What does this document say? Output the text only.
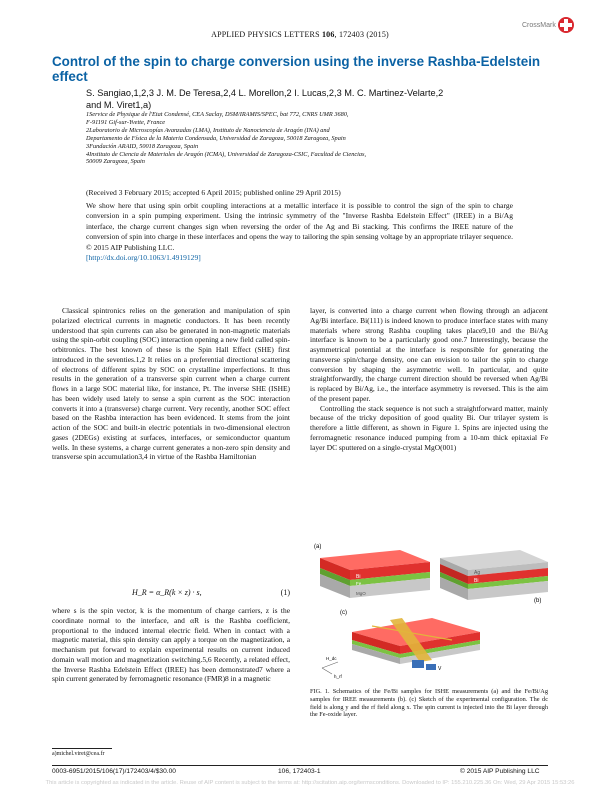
APPLIED PHYSICS LETTERS 106, 172403 (2015)
CrossMark
Control of the spin to charge conversion using the inverse Rashba-Edelstein effect
S. Sangiao,1,2,3 J. M. De Teresa,2,4 L. Morellon,2 I. Lucas,2,3 M. C. Martinez-Velarte,2
and M. Viret1,a)

1Service de Physique de l'Etat Condensé, CEA Saclay, DSM/IRAMIS/SPEC, bat 772, CNRS UMR 3680,

F-91191 Gif-sur-Yvette, France

2Laboratorio de Microscopías Avanzadas (LMA), Instituto de Nanociencia de Aragón (INA) and

Departamento de Física de la Materia Condensada, Universidad de Zaragoza, 50018 Zaragoza, Spain

3Fundación ARAID, 50018 Zaragoza, Spain

4Instituto de Ciencia de Materiales de Aragón (ICMA), Universidad de Zaragoza-CSIC, Facultad de Ciencias,

50009 Zaragoza, Spain

(Received 3 February 2015; accepted 6 April 2015; published online 29 April 2015)
We show here that using spin orbit coupling interactions at a metallic interface it is possible to control the sign of the spin to charge conversion in a spin pumping experiment. Using the intrinsic symmetry of the "Inverse Rashba Edelstein Effect" (IREE) in a Bi/Ag interface, the charge current changes sign when reversing the order of the Ag and Bi stacking. This confirms the IREE nature of the conversion of spin into charge in these interfaces and opens the way to tailoring the spin sensing voltage by an appropriate trilayer sequence. © 2015 AIP Publishing LLC.
[http://dx.doi.org/10.1063/1.4919129]

Classical spintronics relies on the generation and manipulation of spin polarized electrical currents in magnetic conductors. It has been recently understood that spin currents can also be generated in non-magnetic materials using the spin-orbit coupling (SOC) interaction opening a new field called spin-orbitronics. The best known of these is the Spin Hall Effect (SHE) first introduced in the seventies.1,2 It relies on a preferential directional scattering of electrons of different spins by SOC on crystalline imperfections. It thus results in the generation of a transverse spin current when a charge current flows in a large SOC material like, for instance, Pt. The inverse SHE (ISHE) has been widely used lately to sense a spin current as the SOC interaction converts it into a (transverse) charge current. Very recently, another SOC effect based on the Rashba interaction has been evidenced. It stems from the joint action of the SOC and built-in electric potentials in two-dimensional electron gases (2DEGs) existing at surfaces, interfaces, or semiconductor quantum wells. In these systems, a charge current generates a non-zero spin density and transverse spin accumulation3,4 in virtue of the Rashba Hamiltonian

H_R = α_R(k × z) · s,	(1)

where s is the spin vector, k is the momentum of charge carriers, z is the coordinate normal to the interface, and αR is the Rashba coefficient, proportional to the induced internal electric field. When in contact with a magnetic material, this spin density can apply a torque on the magnetization, a mechanism put forward to explain experimental results on current induced domain wall motion and magnetization switching.5,6 Recently, a related effect, the Inverse Rashba Edelstein Effect (IREE) has been demonstrated7 where a spin current generated by ferromagnetic resonance (FMR)8 in a magnetic

a)michel.viret@cea.fr

layer, is converted into a charge current when flowing through an adjacent Ag/Bi interface. Bi(111) is indeed known to produce interface states with many materials where strong Rashba coupling takes place9,10 and the Bi/Ag interface is known to be a particularly good one.7 Interestingly, because the asymmetrical potential at the interface is responsible for generating the transverse spin/charge density, one can envision to tailor the spin to charge conversion by shaping the asymmetric well. In particular, and quite straightforwardly, the charge current direction should be reversed when Ag/Bi is replaced by Bi/Ag, i.e., the interface asymmetry is reversed. This is the aim of the present paper.

Controlling the stack sequence is not such a straightforward matter, mainly because of the tricky deposition of good quality Bi. Our trilayer system is therefore a little different, as shown in Figure 1. Spins are injected using the ferromagnetic resonance induced pumping from a 10-nm thick epitaxial Fe layer DC sputtered on a single-crystal MgO(001)

(a)
Bi
Fe
MgO
Ag
Bi
(b)
(c)
V
H_dc
h_rf
FIG. 1. Schematics of the Fe/Bi samples for ISHE measurements (a) and the Fe/Bi/Ag samples for IREE measurements (b). (c) Sketch of the experimental configuration. The dc field is along y and the rf field along x. The spin current is injected into the Bi layer through the Fe-oxide layer.
0003-6951/2015/106(17)/172403/4/$30.00	106, 172403-1	© 2015 AIP Publishing LLC
This article is copyrighted as indicated in the article. Reuse of AIP content is subject to the terms at: http://scitation.aip.org/termsconditions. Downloaded to IP: 155.210.225.36 On: Wed, 29 Apr 2015 15:53:26
